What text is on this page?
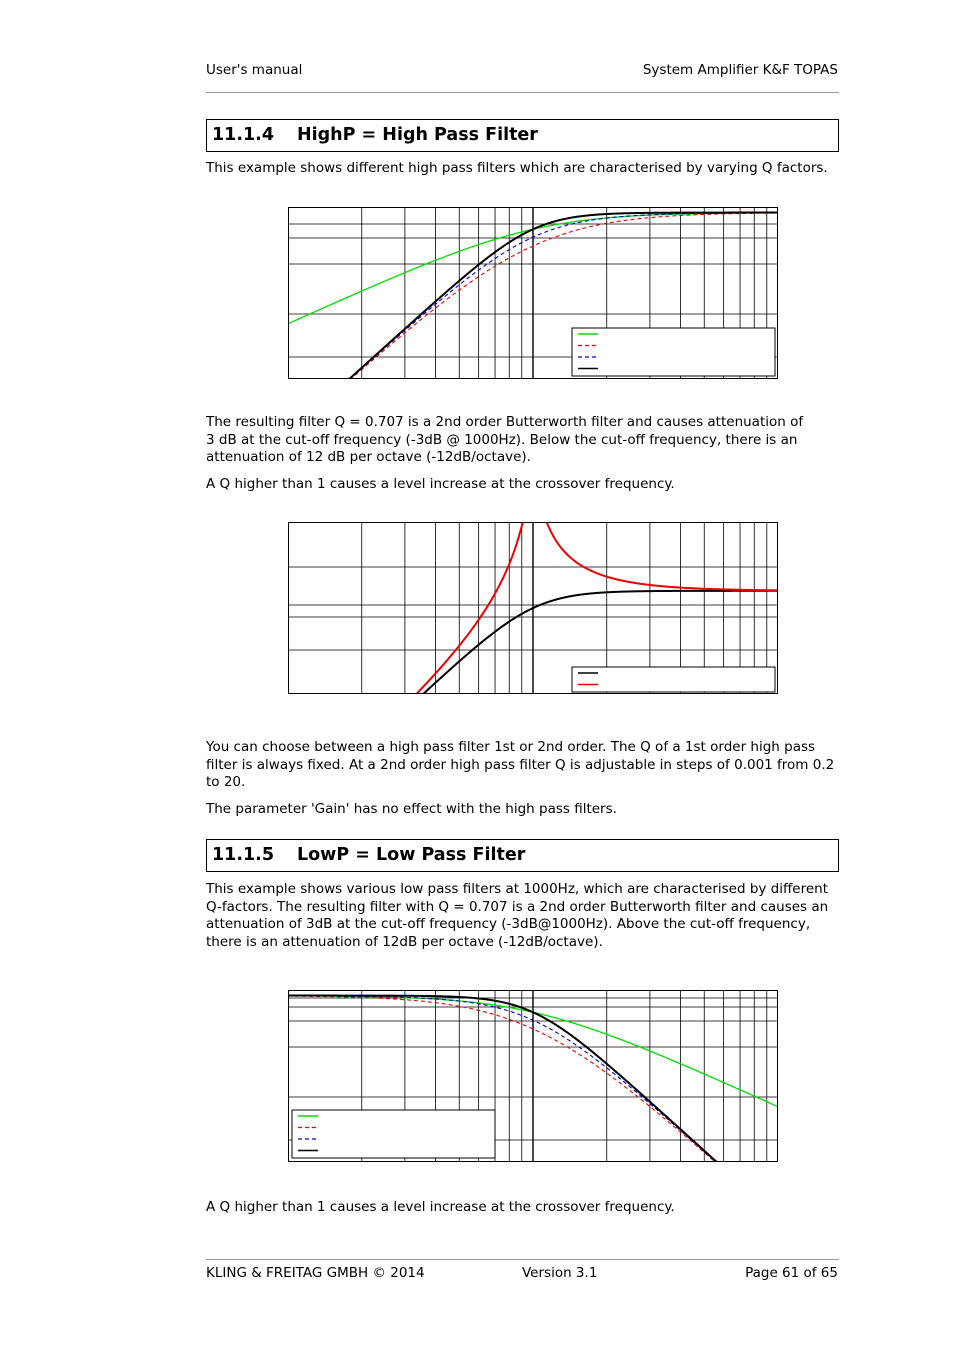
User's manual	System Amplifier K&F TOPAS
11.1.4 HighP = High Pass Filter
This example shows different high pass filters which are characterised by varying Q factors.
The resulting filter Q = 0.707 is a 2nd order Butterworth filter and causes attenuation of 3 dB at the cut-off frequency (-3dB @ 1000Hz). Below the cut-off frequency, there is an attenuation of 12 dB per octave (-12dB/octave).
A Q higher than 1 causes a level increase at the crossover frequency.
You can choose between a high pass filter 1st or 2nd order. The Q of a 1st order high pass filter is always fixed. At a 2nd order high pass filter Q is adjustable in steps of 0.001 from 0.2 to 20.
The parameter 'Gain' has no effect with the high pass filters.
11.1.5 LowP = Low Pass Filter
This example shows various low pass filters at 1000Hz, which are characterised by different Q-factors. The resulting filter with Q = 0.707 is a 2nd order Butterworth filter and causes an attenuation of 3dB at the cut-off frequency (-3dB@1000Hz). Above the cut-off frequency, there is an attenuation of 12dB per octave (-12dB/octave).
A Q higher than 1 causes a level increase at the crossover frequency.
KLING & FREITAG GMBH © 2014	Version 3.1	Page 61 of 65
